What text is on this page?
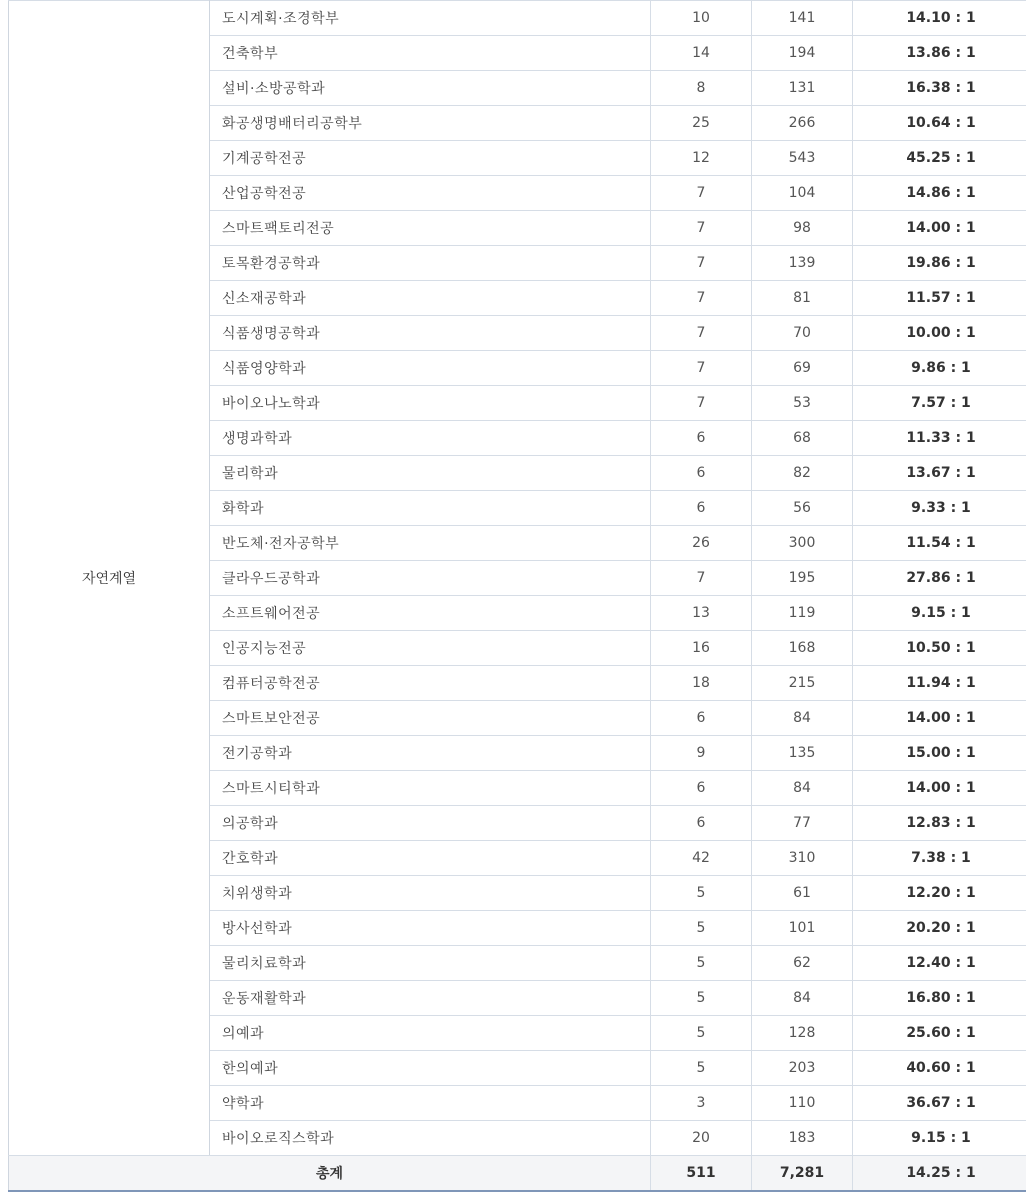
자연계열	도시계획·조경학부	10	141	14.10 : 1
	건축학부	14	194	13.86 : 1
	설비·소방공학과	8	131	16.38 : 1
	화공생명배터리공학부	25	266	10.64 : 1
	기계공학전공	12	543	45.25 : 1
	산업공학전공	7	104	14.86 : 1
	스마트팩토리전공	7	98	14.00 : 1
	토목환경공학과	7	139	19.86 : 1
	신소재공학과	7	81	11.57 : 1
	식품생명공학과	7	70	10.00 : 1
	식품영양학과	7	69	9.86 : 1
	바이오나노학과	7	53	7.57 : 1
	생명과학과	6	68	11.33 : 1
	물리학과	6	82	13.67 : 1
	화학과	6	56	9.33 : 1
	반도체·전자공학부	26	300	11.54 : 1
	클라우드공학과	7	195	27.86 : 1
	소프트웨어전공	13	119	9.15 : 1
	인공지능전공	16	168	10.50 : 1
	컴퓨터공학전공	18	215	11.94 : 1
	스마트보안전공	6	84	14.00 : 1
	전기공학과	9	135	15.00 : 1
	스마트시티학과	6	84	14.00 : 1
	의공학과	6	77	12.83 : 1
	간호학과	42	310	7.38 : 1
	치위생학과	5	61	12.20 : 1
	방사선학과	5	101	20.20 : 1
	물리치료학과	5	62	12.40 : 1
	운동재활학과	5	84	16.80 : 1
	의예과	5	128	25.60 : 1
	한의예과	5	203	40.60 : 1
	약학과	3	110	36.67 : 1
	바이오로직스학과	20	183	9.15 : 1
총계		511	7,281	14.25 : 1
